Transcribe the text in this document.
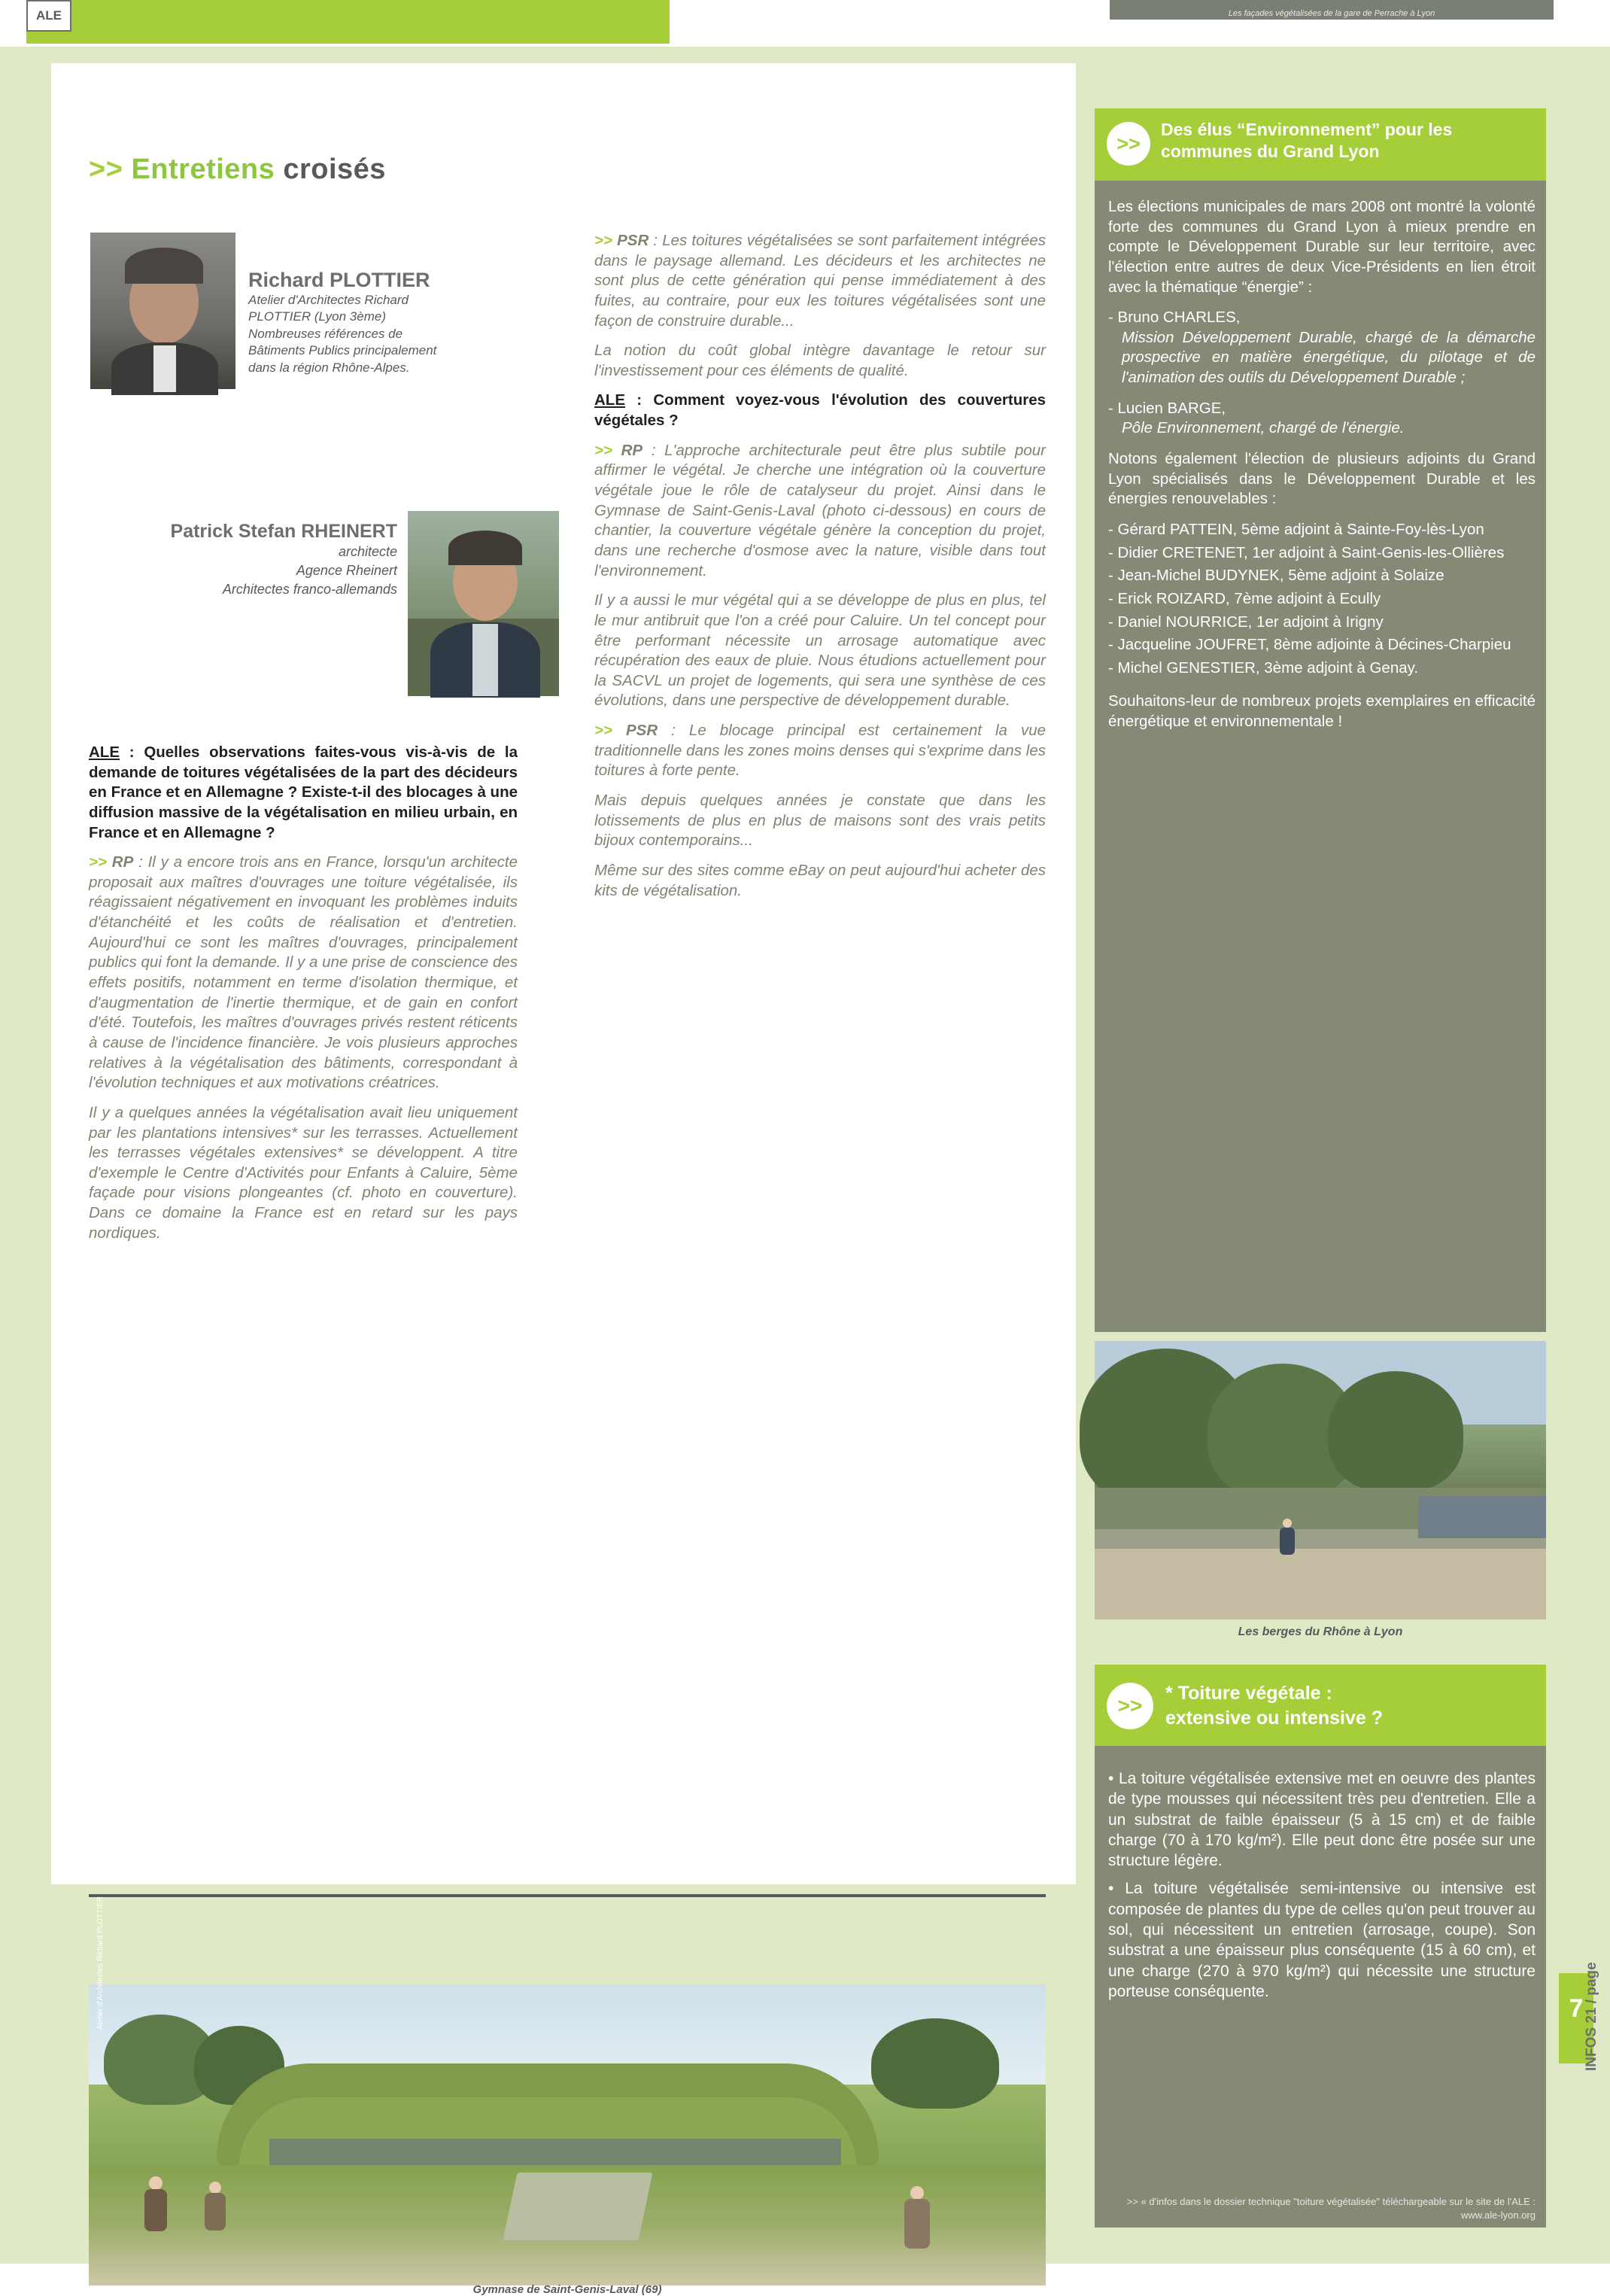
ALE	Les façades végétalisées de la gare de Perrache à Lyon
>> Entretiens croisés
Richard PLOTTIER
Atelier d'Architectes Richard
PLOTTIER (Lyon 3ème)
Nombreuses références de
Bâtiments Publics principalement
dans la région Rhône-Alpes.
Patrick Stefan RHEINERT
architecte
Agence Rheinert
Architectes franco-allemands

ALE : Quelles observations faites-vous vis-à-vis de la demande de toitures végétalisées de la part des décideurs en France et en Allemagne ? Existe-t-il des blocages à une diffusion massive de la végétalisation en milieu urbain, en France et en Allemagne ?

>> RP : Il y a encore trois ans en France, lorsqu'un architecte proposait aux maîtres d'ouvrages une toiture végétalisée, ils réagissaient négativement en invoquant les problèmes induits d'étanchéité et les coûts de réalisation et d'entretien. Aujourd'hui ce sont les maîtres d'ouvrages, principalement publics qui font la demande. Il y a une prise de conscience des effets positifs, notamment en terme d'isolation thermique, et d'augmentation de l'inertie thermique, et de gain en confort d'été. Toutefois, les maîtres d'ouvrages privés restent réticents à cause de l'incidence financière. Je vois plusieurs approches relatives à la végétalisation des bâtiments, correspondant à l'évolution techniques et aux motivations créatrices.

Il y a quelques années la végétalisation avait lieu uniquement par les plantations intensives* sur les terrasses. Actuellement les terrasses végétales extensives* se développent. A titre d'exemple le Centre d'Activités pour Enfants à Caluire, 5ème façade pour visions plongeantes (cf. photo en couverture). Dans ce domaine la France est en retard sur les pays nordiques.

>> PSR : Les toitures végétalisées se sont parfaitement intégrées dans le paysage allemand. Les décideurs et les architectes ne sont plus de cette génération qui pense immédiatement à des fuites, au contraire, pour eux les toitures végétalisées sont une façon de construire durable...

La notion du coût global intègre davantage le retour sur l'investissement pour ces éléments de qualité.

ALE : Comment voyez-vous l'évolution des couvertures végétales ?

>> RP : L'approche architecturale peut être plus subtile pour affirmer le végétal. Je cherche une intégration où la couverture végétale joue le rôle de catalyseur du projet. Ainsi dans le Gymnase de Saint-Genis-Laval (photo ci-dessous) en cours de chantier, la couverture végétale génère la conception du projet, dans une recherche d'osmose avec la nature, visible dans tout l'environnement.

Il y a aussi le mur végétal qui a se développe de plus en plus, tel le mur antibruit que l'on a créé pour Caluire. Un tel concept pour être performant nécessite un arrosage automatique avec récupération des eaux de pluie. Nous étudions actuellement pour la SACVL un projet de logements, qui sera une synthèse de ces évolutions, dans une perspective de développement durable.

>> PSR : Le blocage principal est certainement la vue traditionnelle dans les zones moins denses qui s'exprime dans les toitures à forte pente.

Mais depuis quelques années je constate que dans les lotissements de plus en plus de maisons sont des vrais petits bijoux contemporains...

Même sur des sites comme eBay on peut aujourd'hui acheter des kits de végétalisation.

Atelier d'Architectes Richard PLOTTIER
Gymnase de Saint-Genis-Laval (69)
>>
Des élus “Environnement” pour les communes du Grand Lyon

Les élections municipales de mars 2008 ont montré la volonté forte des communes du Grand Lyon à mieux prendre en compte le Développement Durable sur leur territoire, avec l'élection entre autres de deux Vice-Présidents en lien étroit avec la thématique “énergie” :

- Bruno CHARLES,
Mission Développement Durable, chargé de la démarche prospective en matière énergétique, du pilotage et de l'animation des outils du Développement Durable ;

- Lucien BARGE,
Pôle Environnement, chargé de l'énergie.

Notons également l'élection de plusieurs adjoints du Grand Lyon spécialisés dans le Développement Durable et les énergies renouvelables :

- Gérard PATTEIN, 5ème adjoint à Sainte-Foy-lès-Lyon

- Didier CRETENET, 1er adjoint à Saint-Genis-les-Ollières

- Jean-Michel BUDYNEK, 5ème adjoint à Solaize

- Erick ROIZARD, 7ème adjoint à Ecully

- Daniel NOURRICE, 1er adjoint à Irigny

- Jacqueline JOUFRET, 8ème adjointe à Décines-Charpieu

- Michel GENESTIER, 3ème adjoint à Genay.

Souhaitons-leur de nombreux projets exemplaires en efficacité énergétique et environnementale !

Les berges du Rhône à Lyon
>>
* Toiture végétale :
extensive ou intensive ?

• La toiture végétalisée extensive met en oeuvre des plantes de type mousses qui nécessitent très peu d'entretien. Elle a un substrat de faible épaisseur (5 à 15 cm) et de faible charge (70 à 170 kg/m²). Elle peut donc être posée sur une structure légère.

• La toiture végétalisée semi-intensive ou intensive est composée de plantes du type de celles qu'on peut trouver au sol, qui nécessitent un entretien (arrosage, coupe). Son substrat a une épaisseur plus conséquente (15 à 60 cm), et une charge (270 à 970 kg/m²) qui nécessite une structure porteuse conséquente.

>> « d'infos dans le dossier technique "toiture végétalisée" téléchargeable sur le site de l'ALE : www.ale-lyon.org
7 INFOS 21 / page
